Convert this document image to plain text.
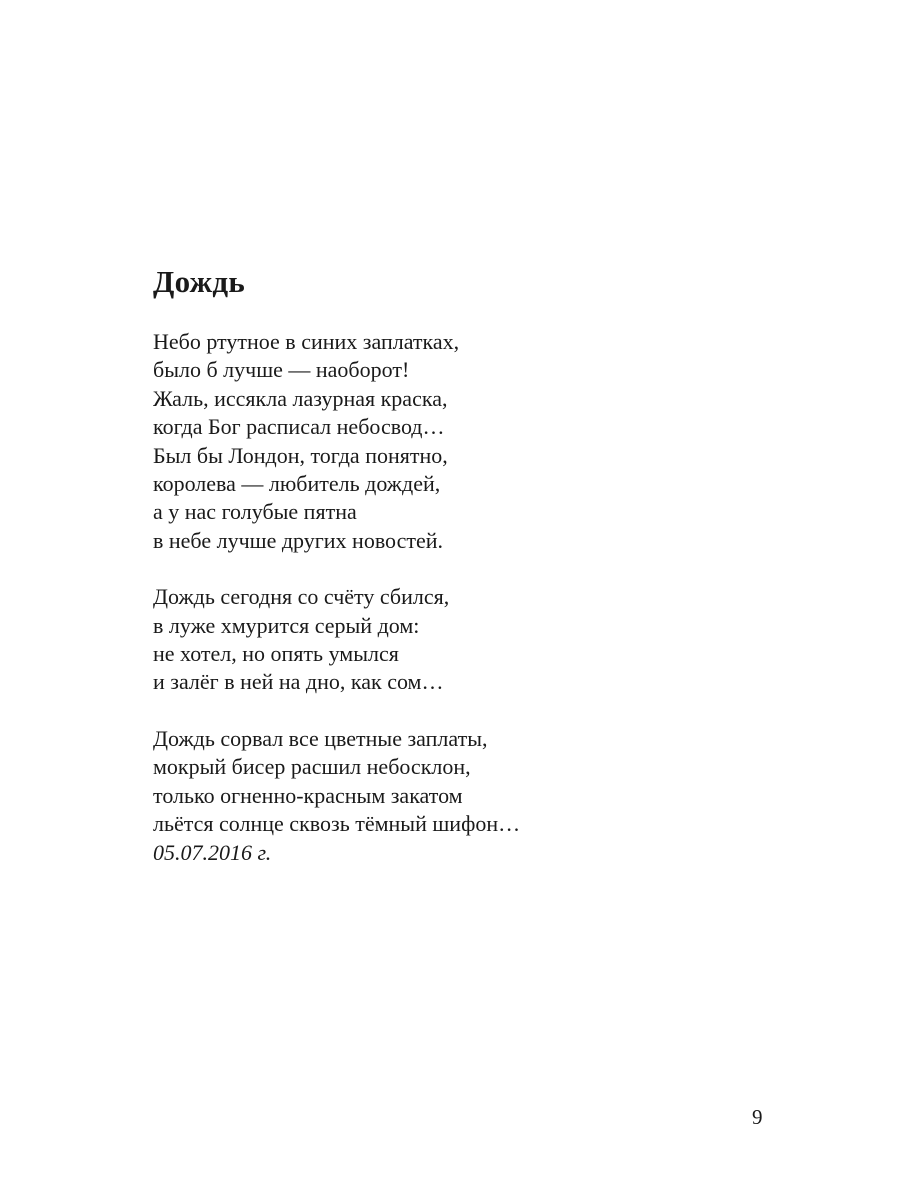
Дождь
Небо ртутное в синих заплатках,
было б лучше — наоборот!
Жаль, иссякла лазурная краска,
когда Бог расписал небосвод…
Был бы Лондон, тогда понятно,
королева — любитель дождей,
а у нас голубые пятна
в небе лучше других новостей.
Дождь сегодня со счёту сбился,
в луже хмурится серый дом:
не хотел, но опять умылся
и залёг в ней на дно, как сом…
Дождь сорвал все цветные заплаты,
мокрый бисер расшил небосклон,
только огненно-красным закатом
льётся солнце сквозь тёмный шифон…
05.07.2016 г.
9
